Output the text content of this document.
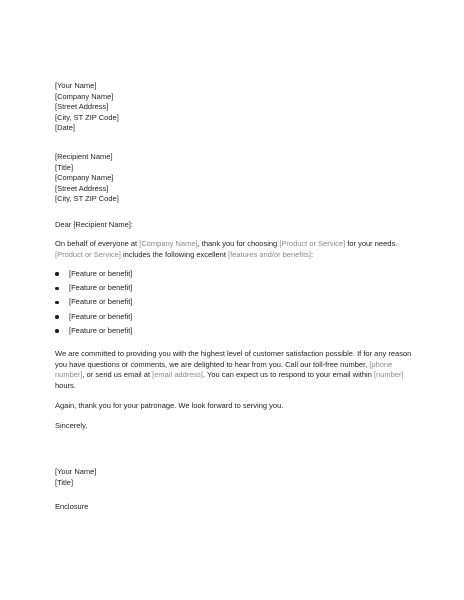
[Your Name]
[Company Name]
[Street Address]
[City, ST ZIP Code]
[Date]
[Recipient Name]
[Title]
[Company Name]
[Street Address]
[City, ST ZIP Code]
Dear [Recipient Name]:
On behalf of everyone at [Company Name], thank you for choosing [Product or Service] for your needs.
[Product or Service] includes the following excellent [features and/or benefits]:
[Feature or benefit]
[Feature or benefit]
[Feature or benefit]
[Feature or benefit]
[Feature or benefit]
We are committed to providing you with the highest level of customer satisfaction possible. If for any reason
you have questions or comments, we are delighted to hear from you. Call our toll-free number, [phone
number], or send us email at [email address]. You can expect us to respond to your email within [number]
hours.
Again, thank you for your patronage. We look forward to serving you.
Sincerely,
[Your Name]
[Title]
Enclosure
